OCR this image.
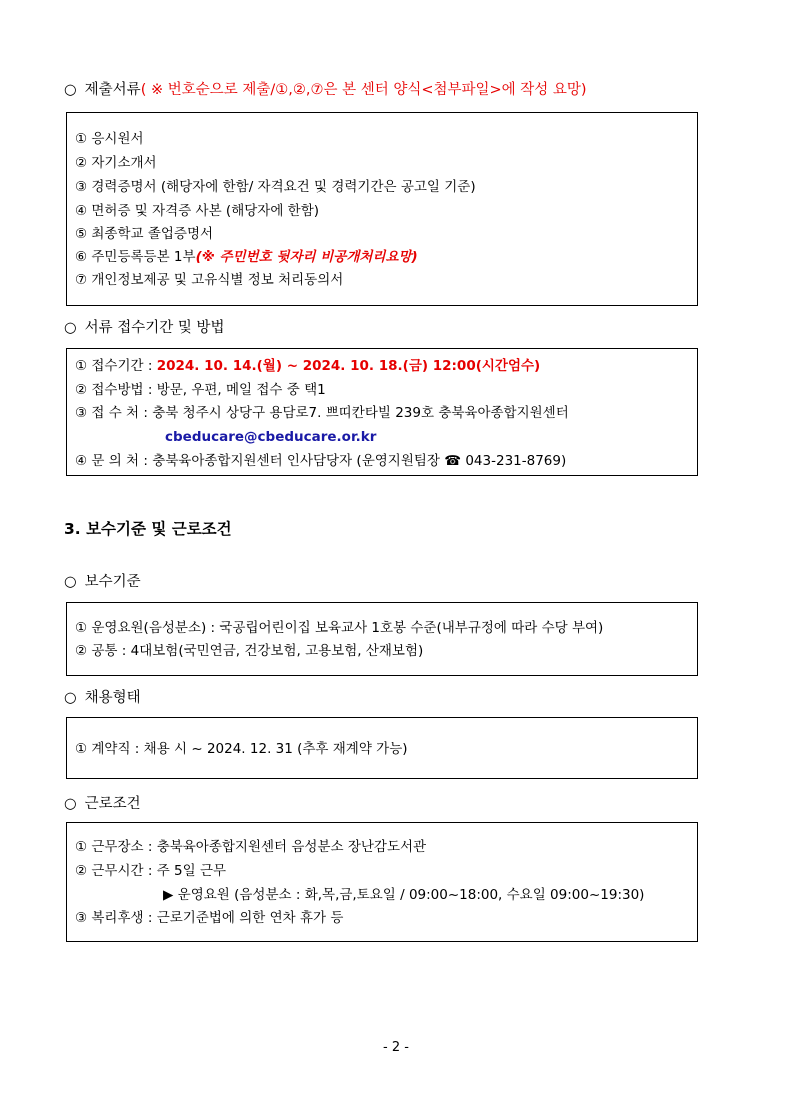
○ 제출서류( ※ 번호순으로 제출/①,②,⑦은 본 센터 양식<첨부파일>에 작성 요망)
① 응시원서
② 자기소개서
③ 경력증명서 (해당자에 한함/ 자격요건 및 경력기간은 공고일 기준)
④ 면허증 및 자격증 사본 (해당자에 한함)
⑤ 최종학교 졸업증명서
⑥ 주민등록등본 1부(※ 주민번호 뒷자리 비공개처리요망)
⑦ 개인정보제공 및 고유식별 정보 처리동의서
○ 서류 접수기간 및 방법
① 접수기간 : 2024. 10. 14.(월) ~ 2024. 10. 18.(금) 12:00(시간엄수)
② 접수방법 : 방문, 우편, 메일 접수 중 택1
③ 접 수 처 : 충북 청주시 상당구 용담로7. 쁘띠칸타빌 239호 충북육아종합지원센터
cbeducare@cbeducare.or.kr
④ 문 의 처 : 충북육아종합지원센터 인사담당자 (운영지원팀장 ☎ 043-231-8769)
3. 보수기준 및 근로조건
○ 보수기준
① 운영요원(음성분소) : 국공립어린이집 보육교사 1호봉 수준(내부규정에 따라 수당 부여)
② 공통 : 4대보험(국민연금, 건강보험, 고용보험, 산재보험)
○ 채용형태
① 계약직 : 채용 시 ~ 2024. 12. 31 (추후 재계약 가능)
○ 근로조건
① 근무장소 : 충북육아종합지원센터 음성분소 장난감도서관
② 근무시간 : 주 5일 근무
▶ 운영요원 (음성분소 : 화,목,금,토요일 / 09:00~18:00, 수요일 09:00~19:30)
③ 복리후생 : 근로기준법에 의한 연차 휴가 등
- 2 -
